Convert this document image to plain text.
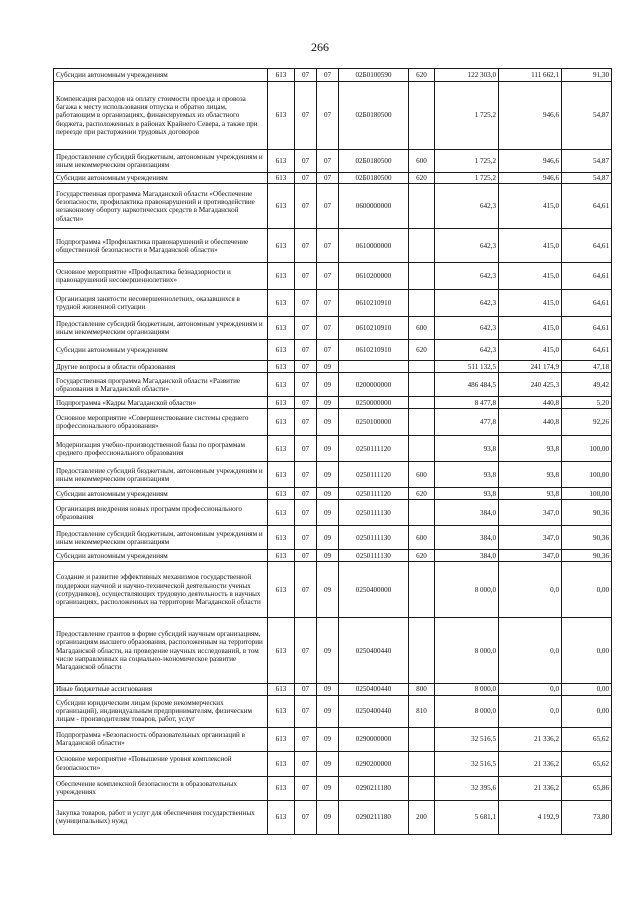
266
Субсидии автономным учреждениям	613	07	07	02Б0100590	620	122 303,0	111 662,1	91,30
Компенсация расходов на оплату стоимости проезда и провоза багажа к месту использования отпуска и обратно лицам, работающим в организациях, финансируемых из областного бюджета, расположенных в районах Крайнего Севера, а также при переезде при расторжении трудовых договоров	613	07	07	02Б0180500		1 725,2	946,6	54,87
Предоставление субсидий бюджетным, автономным учреждениям и иным некоммерческим организациям	613	07	07	02Б0180500	600	1 725,2	946,6	54,87
Субсидии автономным учреждениям	613	07	07	02Б0180500	620	1 725,2	946,6	54,87
Государственная программа Магаданской области «Обеспечение безопасности, профилактика правонарушений и противодействие незаконному обороту наркотических средств в Магаданской области»	613	07	07	0600000000		642,3	415,0	64,61
Подпрограмма «Профилактика правонарушений и обеспечение общественной безопасности в Магаданской области»	613	07	07	0610000000		642,3	415,0	64,61
Основное мероприятие «Профилактика безнадзорности и правонарушений несовершеннолетних»	613	07	07	0610200000		642,3	415,0	64,61
Организация занятости несовершеннолетних, оказавшихся в трудной жизненной ситуации	613	07	07	0610210910		642,3	415,0	64,61
Предоставление субсидий бюджетным, автономным учреждениям и иным некоммерческим организациям	613	07	07	0610210910	600	642,3	415,0	64,61
Субсидии автономным учреждениям	613	07	07	0610210910	620	642,3	415,0	64,61
Другие вопросы в области образования	613	07	09			511 132,5	241 174,9	47,18
Государственная программа Магаданской области «Развитие образования в Магаданской области»	613	07	09	0200000000		486 484,5	240 425,3	49,42
Подпрограмма «Кадры Магаданской области»	613	07	09	0250000000		8 477,8	440,8	5,20
Основное мероприятие «Совершенствование системы среднего профессионального образования»	613	07	09	0250100000		477,8	440,8	92,26
Модернизация учебно-производственной базы по программам среднего профессионального образования	613	07	09	0250111120		93,8	93,8	100,00
Предоставление субсидий бюджетным, автономным учреждениям и иным некоммерческим организациям	613	07	09	0250111120	600	93,8	93,8	100,00
Субсидии автономным учреждениям	613	07	09	0250111120	620	93,8	93,8	100,00
Организация внедрения новых программ профессионального образования	613	07	09	0250111130		384,0	347,0	90,36
Предоставление субсидий бюджетным, автономным учреждениям и иным некоммерческим организациям	613	07	09	0250111130	600	384,0	347,0	90,36
Субсидии автономным учреждениям	613	07	09	0250111130	620	384,0	347,0	90,36
Создание и развитие эффективных механизмов государственной поддержки научной и научно-технической деятельности ученых (сотрудников), осуществляющих трудовую деятельность в научных организациях, расположенных на территории Магаданской области	613	07	09	0250400000		8 000,0	0,0	0,00
Предоставление грантов в форме субсидий научным организациям, организациям высшего образования, расположенным на территории Магаданской области, на проведение научных исследований, в том числе направленных на социально-экономическое развитие Магаданской области	613	07	09	0250400440		8 000,0	0,0	0,00
Иные бюджетные ассигнования	613	07	09	0250400440	800	8 000,0	0,0	0,00
Субсидии юридическим лицам (кроме некоммерческих организаций), индивидуальным предпринимателям, физическим лицам - производителям товаров, работ, услуг	613	07	09	0250400440	810	8 000,0	0,0	0,00
Подпрограмма «Безопасность образовательных организаций в Магаданской области»	613	07	09	0290000000		32 516,5	21 336,2	65,62
Основное мероприятие «Повышение уровня комплексной безопасности»	613	07	09	0290200000		32 516,5	21 336,2	65,62
Обеспечение комплексной безопасности в образовательных учреждениях	613	07	09	0290211180		32 395,6	21 336,2	65,86
Закупка товаров, работ и услуг для обеспечения государственных (муниципальных) нужд	613	07	09	0290211180	200	5 681,1	4 192,9	73,80
